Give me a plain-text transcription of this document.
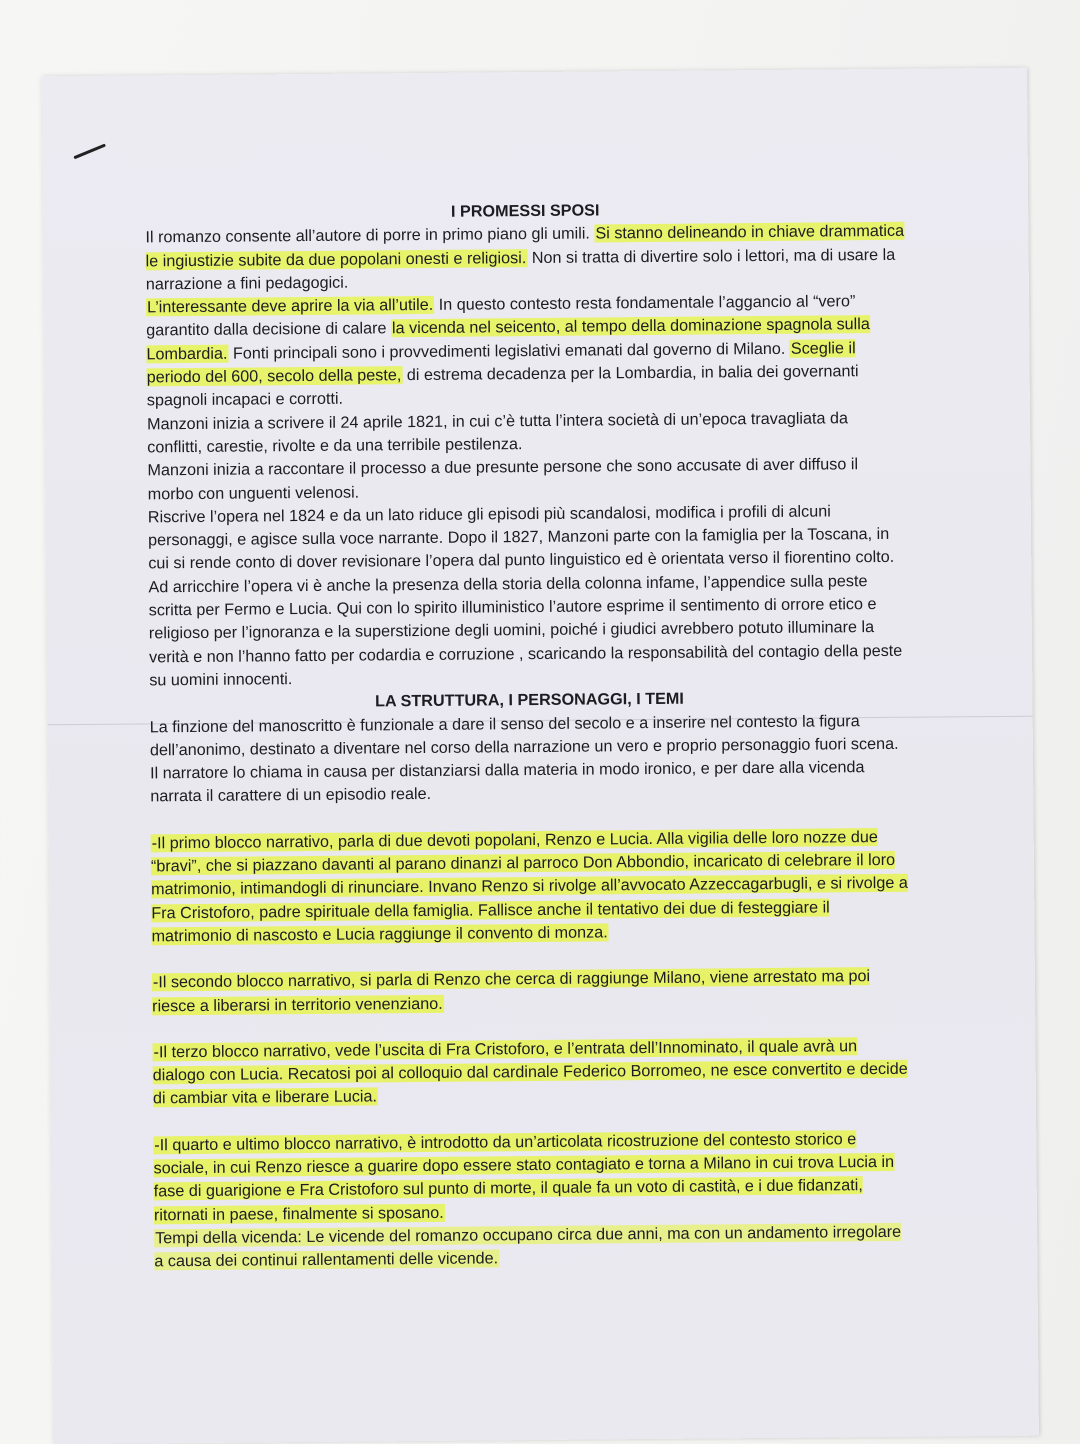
I PROMESSI SPOSI

Il romanzo consente all’autore di porre in primo piano gli umili. Si stanno delineando in chiave drammatica le ingiustizie subite da due popolani onesti e religiosi. Non si tratta di divertire solo i lettori, ma di usare la narrazione a fini pedagogici.

L’interessante deve aprire la via all’utile. In questo contesto resta fondamentale l’aggancio al “vero” garantito dalla decisione di calare la vicenda nel seicento, al tempo della dominazione spagnola sulla Lombardia. Fonti principali sono i provvedimenti legislativi emanati dal governo di Milano. Sceglie il periodo del 600, secolo della peste, di estrema decadenza per la Lombardia, in balia dei governanti spagnoli incapaci e corrotti.

Manzoni inizia a scrivere il 24 aprile 1821, in cui c’è tutta l’intera società di un’epoca travagliata da conflitti, carestie, rivolte e da una terribile pestilenza.

Manzoni inizia a raccontare il processo a due presunte persone che sono accusate di aver diffuso il morbo con unguenti velenosi.

Riscrive l’opera nel 1824 e da un lato riduce gli episodi più scandalosi, modifica i profili di alcuni personaggi, e agisce sulla voce narrante. Dopo il 1827, Manzoni parte con la famiglia per la Toscana, in cui si rende conto di dover revisionare l’opera dal punto linguistico ed è orientata verso il fiorentino colto. Ad arricchire l’opera vi è anche la presenza della storia della colonna infame, l’appendice sulla peste scritta per Fermo e Lucia. Qui con lo spirito illuministico l’autore esprime il sentimento di orrore etico e religioso per l’ignoranza e la superstizione degli uomini, poiché i giudici avrebbero potuto illuminare la verità e non l’hanno fatto per codardia e corruzione , scaricando la responsabilità del contagio della peste su uomini innocenti.

LA STRUTTURA, I PERSONAGGI, I TEMI

La finzione del manoscritto è funzionale a dare il senso del secolo e a inserire nel contesto la figura dell’anonimo, destinato a diventare nel corso della narrazione un vero e proprio personaggio fuori scena. Il narratore lo chiama in causa per distanziarsi dalla materia in modo ironico, e per dare alla vicenda narrata il carattere di un episodio reale.

-Il primo blocco narrativo, parla di due devoti popolani, Renzo e Lucia. Alla vigilia delle loro nozze due “bravi”, che si piazzano davanti al parano dinanzi al parroco Don Abbondio, incaricato di celebrare il loro matrimonio, intimandogli di rinunciare. Invano Renzo si rivolge all’avvocato Azzeccagarbugli, e si rivolge a Fra Cristoforo, padre spirituale della famiglia. Fallisce anche il tentativo dei due di festeggiare il matrimonio di nascosto e Lucia raggiunge il convento di monza.

-Il secondo blocco narrativo, si parla di Renzo che cerca di raggiunge Milano, viene arrestato ma poi riesce a liberarsi in territorio venenziano.

-Il terzo blocco narrativo, vede l’uscita di Fra Cristoforo, e l’entrata dell’Innominato, il quale avrà un dialogo con Lucia. Recatosi poi al colloquio dal cardinale Federico Borromeo, ne esce convertito e decide di cambiar vita e liberare Lucia.

-Il quarto e ultimo blocco narrativo, è introdotto da un’articolata ricostruzione del contesto storico e sociale, in cui Renzo riesce a guarire dopo essere stato contagiato e torna a Milano in cui trova Lucia in fase di guarigione e Fra Cristoforo sul punto di morte, il quale fa un voto di castità, e i due fidanzati, ritornati in paese, finalmente si sposano.

Tempi della vicenda: Le vicende del romanzo occupano circa due anni, ma con un andamento irregolare a causa dei continui rallentamenti delle vicende.
